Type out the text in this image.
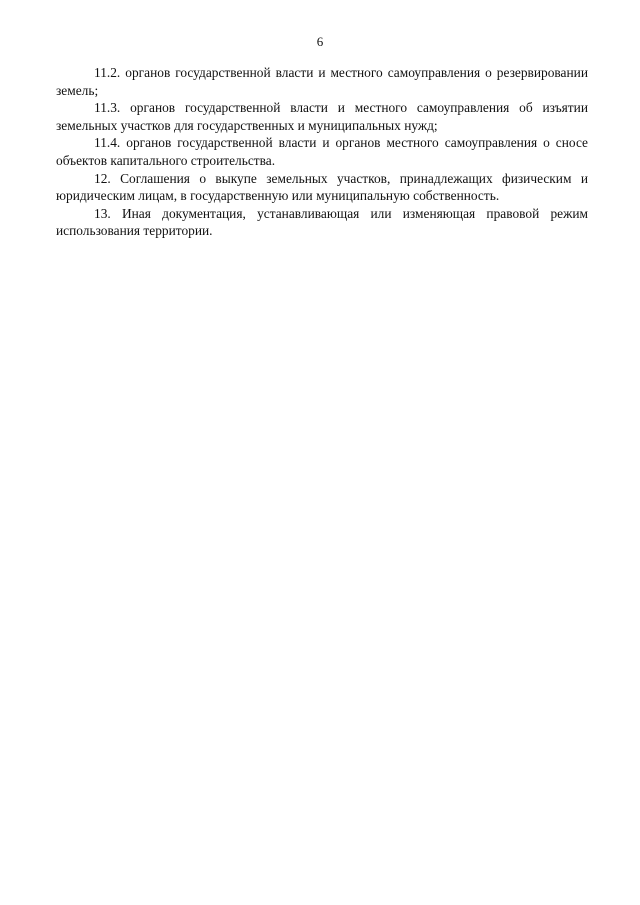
6

11.2. органов государственной власти и местного самоуправления о резервировании земель;

11.3. органов государственной власти и местного самоуправления об изъятии земельных участков для государственных и муниципальных нужд;

11.4. органов государственной власти и органов местного самоуправления о сносе объектов капитального строительства.

12. Соглашения о выкупе земельных участков, принадлежащих физическим и юридическим лицам, в государственную или муниципальную собственность.

13. Иная документация, устанавливающая или изменяющая правовой режим использования территории.
